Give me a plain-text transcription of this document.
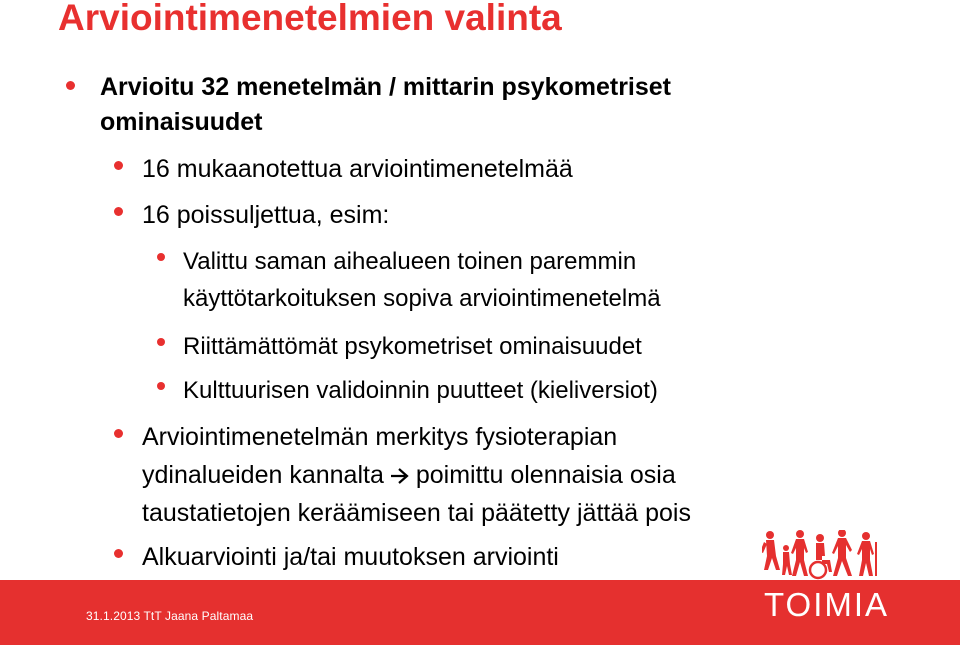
Arviointimenetelmien valinta
Arvioitu 32 menetelmän / mittarin psykometriset
ominaisuudet
16 mukaanotettua arviointimenetelmää
16 poissuljettua, esim:
Valittu saman aihealueen toinen paremmin
käyttötarkoituksen sopiva arviointimenetelmä
Riittämättömät psykometriset ominaisuudet
Kulttuurisen validoinnin puutteet (kieliversiot)
Arviointimenetelmän merkitys fysioterapian
ydinalueiden kannalta poimittu olennaisia osia
taustatietojen keräämiseen tai päätetty jättää pois
Alkuarviointi ja/tai muutoksen arviointi
31.1.2013 TtT Jaana Paltamaa	TOIMIA
